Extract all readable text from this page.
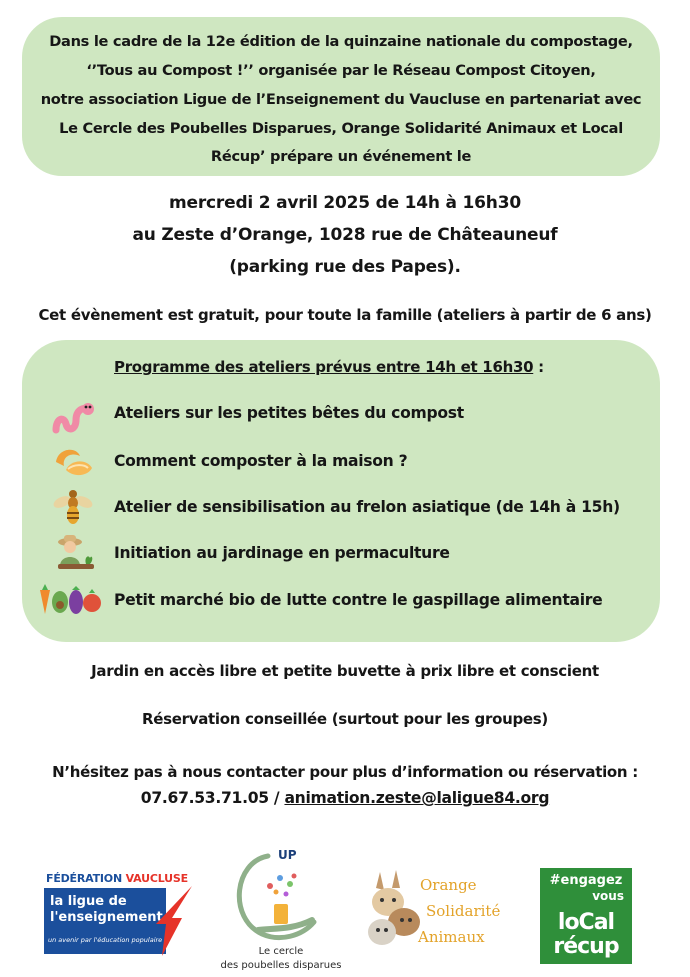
Dans le cadre de la 12e édition de la quinzaine nationale du compostage,
‘’Tous au Compost !’’ organisée par le Réseau Compost Citoyen,
notre association Ligue de l’Enseignement du Vaucluse en partenariat avec
Le Cercle des Poubelles Disparues, Orange Solidarité Animaux et Local
Récup’ prépare un événement le
mercredi 2 avril 2025 de 14h à 16h30
au Zeste d’Orange, 1028 rue de Châteauneuf
(parking rue des Papes).
Cet évènement est gratuit, pour toute la famille (ateliers à partir de 6 ans)
Programme des ateliers prévus entre 14h et 16h30 :
Ateliers sur les petites bêtes du compost
Comment composter à la maison ?
Atelier de sensibilisation au frelon asiatique (de 14h à 15h)
Initiation au jardinage en permaculture
Petit marché bio de lutte contre le gaspillage alimentaire
Jardin en accès libre et petite buvette à prix libre et conscient
Réservation conseillée (surtout pour les groupes)
N’hésitez pas à nous contacter pour plus d’information ou réservation :
07.67.53.71.05 / animation.zeste@laligue84.org
FÉDÉRATION VAUCLUSE
la ligue de
l'enseignement
un avenir par l'éducation populaire
UP
Le cercle
des poubelles disparues
Orange
Solidarité
Animaux
#engagez
vous
loCal
récup
